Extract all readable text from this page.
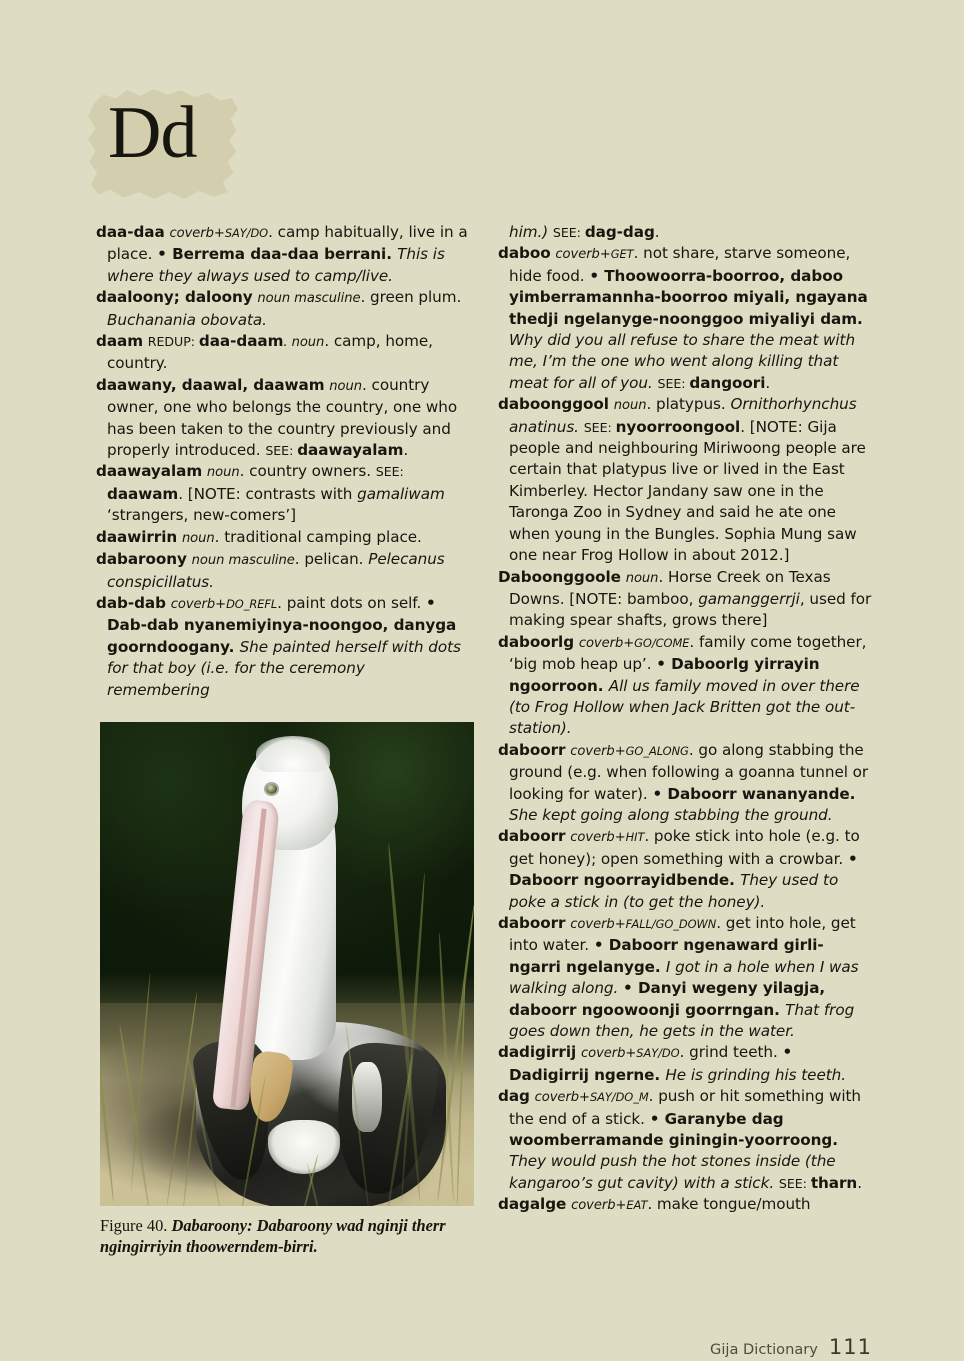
Dd

daa-daa coverb+SAY/DO. camp habitually, live in a place. • Berrema daa-daa berrani. This is where they always used to camp/live.

daaloony; daloony noun masculine. green plum. Buchanania obovata.

daam REDUP: daa-daam. noun. camp, home, country.

daawany, daawal, daawam noun. country owner, one who belongs the country, one who has been taken to the country previously and properly introduced. SEE: daawayalam.

daawayalam noun. country owners. SEE: daawam. [NOTE: contrasts with gamaliwam ‘strangers, new-comers’]

daawirrin noun. traditional camping place.

dabaroony noun masculine. pelican. Pelecanus conspicillatus.

dab-dab coverb+DO_REFL. paint dots on self. • Dab-dab nyanemiyinya-noongoo, danyga goorndoogany. She painted herself with dots for that boy (i.e. for the ceremony remembering

him.) SEE: dag-dag.

daboo coverb+GET. not share, starve someone, hide food. • Thoowoorra-boorroo, daboo yimberramannha-boorroo miyali, ngayana thedji ngelanyge-noonggoo miyaliyi dam. Why did you all refuse to share the meat with me, I’m the one who went along killing that meat for all of you. SEE: dangoori.

daboonggool noun. platypus. Ornithorhynchus anatinus. SEE: nyoorroongool. [NOTE: Gija people and neighbouring Miriwoong people are certain that platypus live or lived in the East Kimberley. Hector Jandany saw one in the Taronga Zoo in Sydney and said he ate one when young in the Bungles. Sophia Mung saw one near Frog Hollow in about 2012.]

Daboonggoole noun. Horse Creek on Texas Downs. [NOTE: bamboo, gamanggerrji, used for making spear shafts, grows there]

daboorlg coverb+GO/COME. family come together, ‘big mob heap up’. • Daboorlg yirrayin ngoorroon. All us family moved in over there (to Frog Hollow when Jack Britten got the out-station).

daboorr coverb+GO_ALONG. go along stabbing the ground (e.g. when following a goanna tunnel or looking for water). • Daboorr wananyande. She kept going along stabbing the ground.

daboorr coverb+HIT. poke stick into hole (e.g. to get honey); open something with a crowbar. • Daboorr ngoorrayidbende. They used to poke a stick in (to get the honey).

daboorr coverb+FALL/GO_DOWN. get into hole, get into water. • Daboorr ngenaward girli-ngarri ngelanyge. I got in a hole when I was walking along. • Danyi wegeny yilagja, daboorr ngoowoonji goorrngan. That frog goes down then, he gets in the water.

dadigirrij coverb+SAY/DO. grind teeth. • Dadigirrij ngerne. He is grinding his teeth.

dag coverb+SAY/DO_M. push or hit something with the end of a stick. • Garanybe dag woomberramande giningin-yoorroong. They would push the hot stones inside (the kangaroo’s gut cavity) with a stick. SEE: tharn.

dagalge coverb+EAT. make tongue/mouth

Figure 40. Dabaroony: Dabaroony wad nginji therr ngingirriyin thoowerndem-birri.
Gija Dictionary 111
